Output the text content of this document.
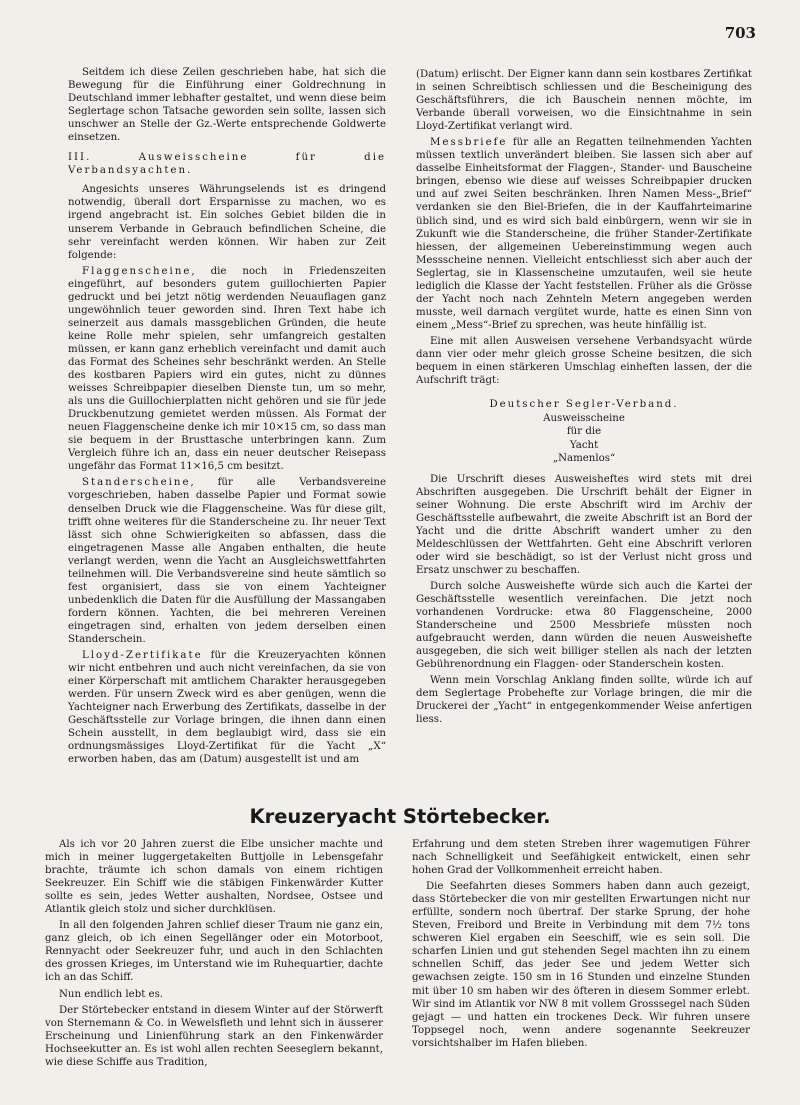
703

Seitdem ich diese Zeilen geschrieben habe, hat sich die Bewegung für die Einführung einer Goldrechnung in Deutschland immer lebhafter gestaltet, und wenn diese beim Seglertage schon Tatsache geworden sein sollte, lassen sich unschwer an Stelle der Gz.-Werte entsprechende Goldwerte einsetzen.

III. Ausweisscheine für die Verbandsyachten.

Angesichts unseres Währungselends ist es dringend notwendig, überall dort Ersparnisse zu machen, wo es irgend angebracht ist. Ein solches Gebiet bilden die in unserem Verbande in Gebrauch befindlichen Scheine, die sehr vereinfacht werden können. Wir haben zur Zeit folgende:

Flaggenscheine, die noch in Friedenszeiten eingeführt, auf besonders gutem guillochierten Papier gedruckt und bei jetzt nötig werdenden Neuauflagen ganz ungewöhnlich teuer geworden sind. Ihren Text habe ich seinerzeit aus damals massgeblichen Gründen, die heute keine Rolle mehr spielen, sehr umfangreich gestalten müssen, er kann ganz erheblich vereinfacht und damit auch das Format des Scheines sehr beschränkt werden. An Stelle des kostbaren Papiers wird ein gutes, nicht zu dünnes weisses Schreibpapier dieselben Dienste tun, um so mehr, als uns die Guillochierplatten nicht gehören und sie für jede Druckbenutzung gemietet werden müssen. Als Format der neuen Flaggenscheine denke ich mir 10×15 cm, so dass man sie bequem in der Brusttasche unterbringen kann. Zum Vergleich führe ich an, dass ein neuer deutscher Reisepass ungefähr das Format 11×16,5 cm besitzt.

Standerscheine, für alle Verbandsvereine vorgeschrieben, haben dasselbe Papier und Format sowie denselben Druck wie die Flaggenscheine. Was für diese gilt, trifft ohne weiteres für die Standerscheine zu. Ihr neuer Text lässt sich ohne Schwierigkeiten so abfassen, dass die eingetragenen Masse alle Angaben enthalten, die heute verlangt werden, wenn die Yacht an Ausgleichswettfahrten teilnehmen will. Die Verbandsvereine sind heute sämtlich so fest organisiert, dass sie von einem Yachteigner unbedenklich die Daten für die Ausfüllung der Massangaben fordern können. Yachten, die bei mehreren Vereinen eingetragen sind, erhalten von jedem derselben einen Standerschein.

Lloyd-Zertifikate für die Kreuzeryachten können wir nicht entbehren und auch nicht vereinfachen, da sie von einer Körperschaft mit amtlichem Charakter herausgegeben werden. Für unsern Zweck wird es aber genügen, wenn die Yachteigner nach Erwerbung des Zertifikats, dasselbe in der Geschäftsstelle zur Vorlage bringen, die ihnen dann einen Schein ausstellt, in dem beglaubigt wird, dass sie ein ordnungsmässiges Lloyd-Zertifikat für die Yacht „X“ erworben haben, das am (Datum) ausgestellt ist und am

(Datum) erlischt. Der Eigner kann dann sein kostbares Zertifikat in seinen Schreibtisch schliessen und die Bescheinigung des Geschäftsführers, die ich Bauschein nennen möchte, im Verbande überall vorweisen, wo die Einsichtnahme in sein Lloyd-Zertifikat verlangt wird.

Messbriefe für alle an Regatten teilnehmenden Yachten müssen textlich unverändert bleiben. Sie lassen sich aber auf dasselbe Einheitsformat der Flaggen-, Stander- und Bauscheine bringen, ebenso wie diese auf weisses Schreibpapier drucken und auf zwei Seiten beschränken. Ihren Namen Mess-„Brief“ verdanken sie den Biel-Briefen, die in der Kauffahrteimarine üblich sind, und es wird sich bald einbürgern, wenn wir sie in Zukunft wie die Standerscheine, die früher Stander-Zertifikate hiessen, der allgemeinen Uebereinstimmung wegen auch Messscheine nennen. Vielleicht entschliesst sich aber auch der Seglertag, sie in Klassenscheine umzutaufen, weil sie heute lediglich die Klasse der Yacht feststellen. Früher als die Grösse der Yacht noch nach Zehnteln Metern angegeben werden musste, weil darnach vergütet wurde, hatte es einen Sinn von einem „Mess“-Brief zu sprechen, was heute hinfällig ist.

Eine mit allen Ausweisen versehene Verbandsyacht würde dann vier oder mehr gleich grosse Scheine besitzen, die sich bequem in einen stärkeren Umschlag einheften lassen, der die Aufschrift trägt:

Deutscher Segler-Verband.
Ausweisscheine
für die
Yacht
„Namenlos“

Die Urschrift dieses Ausweisheftes wird stets mit drei Abschriften ausgegeben. Die Urschrift behält der Eigner in seiner Wohnung. Die erste Abschrift wird im Archiv der Geschäftsstelle aufbewahrt, die zweite Abschrift ist an Bord der Yacht und die dritte Abschrift wandert umher zu den Meldeschlüssen der Wettfahrten. Geht eine Abschrift verloren oder wird sie beschädigt, so ist der Verlust nicht gross und Ersatz unschwer zu beschaffen.

Durch solche Ausweishefte würde sich auch die Kartei der Geschäftsstelle wesentlich vereinfachen. Die jetzt noch vorhandenen Vordrucke: etwa 80 Flaggenscheine, 2000 Standerscheine und 2500 Messbriefe müssten noch aufgebraucht werden, dann würden die neuen Ausweishefte ausgegeben, die sich weit billiger stellen als nach der letzten Gebührenordnung ein Flaggen- oder Standerschein kosten.

Wenn mein Vorschlag Anklang finden sollte, würde ich auf dem Seglertage Probehefte zur Vorlage bringen, die mir die Druckerei der „Yacht“ in entgegenkommender Weise anfertigen liess.

Kreuzeryacht Störtebecker.

Als ich vor 20 Jahren zuerst die Elbe unsicher machte und mich in meiner luggergetakelten Buttjolle in Lebensgefahr brachte, träumte ich schon damals von einem richtigen Seekreuzer. Ein Schiff wie die stäbigen Finkenwärder Kutter sollte es sein, jedes Wetter aushalten, Nordsee, Ostsee und Atlantik gleich stolz und sicher durchklüsen.

In all den folgenden Jahren schlief dieser Traum nie ganz ein, ganz gleich, ob ich einen Segellänger oder ein Motorboot, Rennyacht oder Seekreuzer fuhr, und auch in den Schlachten des grossen Krieges, im Unterstand wie im Ruhequartier, dachte ich an das Schiff.

Nun endlich lebt es.

Der Störtebecker entstand in diesem Winter auf der Störwerft von Sternemann & Co. in Wewelsfleth und lehnt sich in äusserer Erscheinung und Linienführung stark an den Finkenwärder Hochseekutter an. Es ist wohl allen rechten Seeseglern bekannt, wie diese Schiffe aus Tradition,

Erfahrung und dem steten Streben ihrer wagemutigen Führer nach Schnelligkeit und Seefähigkeit entwickelt, einen sehr hohen Grad der Vollkommenheit erreicht haben.

Die Seefahrten dieses Sommers haben dann auch gezeigt, dass Störtebecker die von mir gestellten Erwartungen nicht nur erfüllte, sondern noch übertraf. Der starke Sprung, der hohe Steven, Freibord und Breite in Verbindung mit dem 7½ tons schweren Kiel ergaben ein Seeschiff, wie es sein soll. Die scharfen Linien und gut stehenden Segel machten ihn zu einem schnellen Schiff, das jeder See und jedem Wetter sich gewachsen zeigte. 150 sm in 16 Stunden und einzelne Stunden mit über 10 sm haben wir des öfteren in diesem Sommer erlebt. Wir sind im Atlantik vor NW 8 mit vollem Grosssegel nach Süden gejagt — und hatten ein trockenes Deck. Wir fuhren unsere Toppsegel noch, wenn andere sogenannte Seekreuzer vorsichtshalber im Hafen blieben.
